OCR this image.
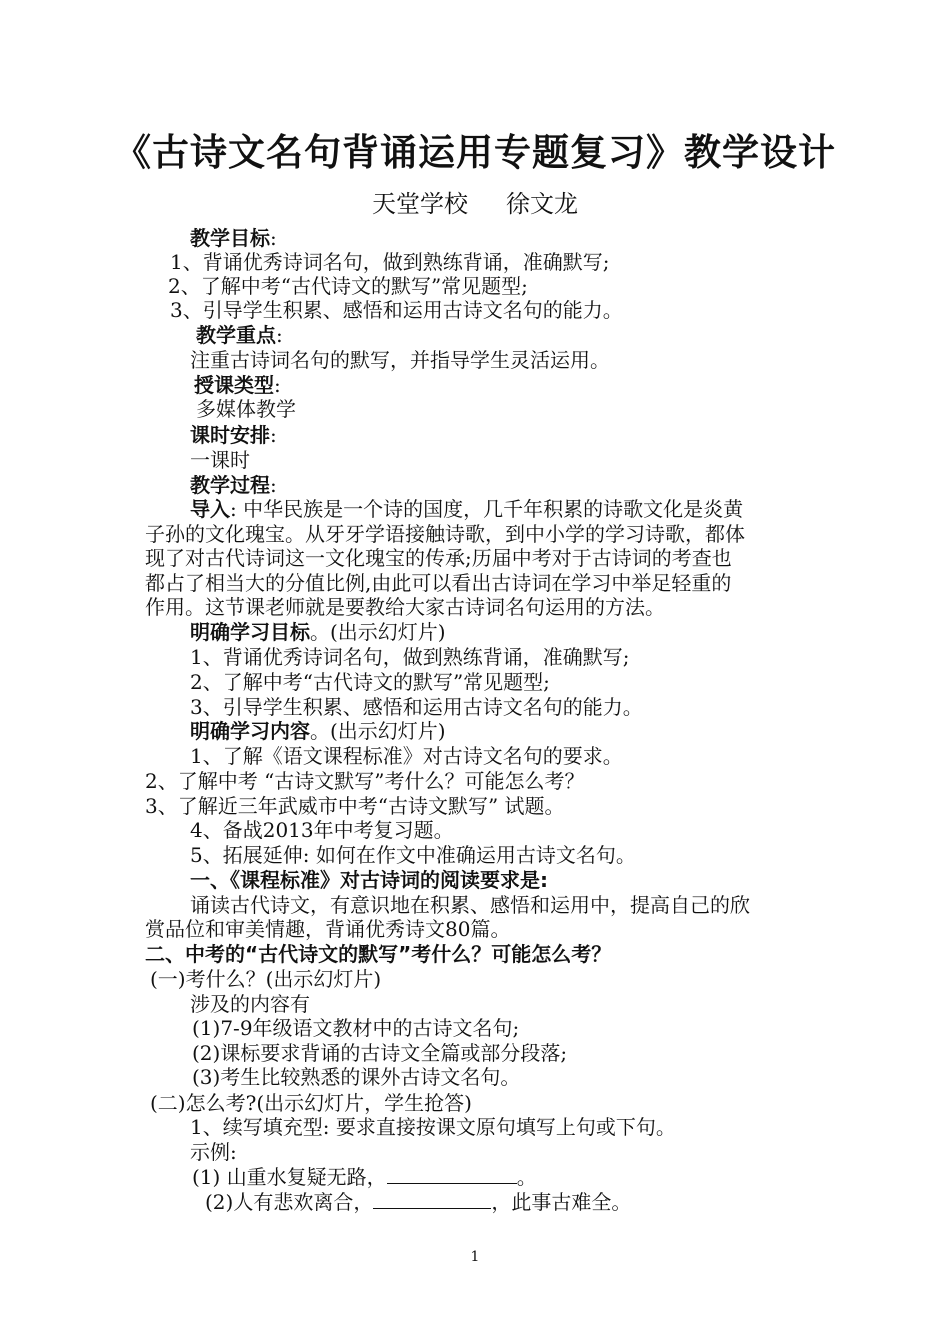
《古诗文名句背诵运用专题复习》教学设计
天堂学校 徐文龙
教学目标:
1、背诵优秀诗词名句，做到熟练背诵，准确默写;
2、了解中考“古代诗文的默写”常见题型;
3、引导学生积累、感悟和运用古诗文名句的能力。
教学重点:
注重古诗词名句的默写，并指导学生灵活运用。
授课类型:
多媒体教学
课时安排:
一课时
教学过程:
导入: 中华民族是一个诗的国度，几千年积累的诗歌文化是炎黄
子孙的文化瑰宝。从牙牙学语接触诗歌，到中小学的学习诗歌，都体
现了对古代诗词这一文化瑰宝的传承;历届中考对于古诗词的考查也
都占了相当大的分值比例,由此可以看出古诗词在学习中举足轻重的
作用。这节课老师就是要教给大家古诗词名句运用的方法。
明确学习目标。(出示幻灯片)
1、背诵优秀诗词名句，做到熟练背诵，准确默写;
2、了解中考“古代诗文的默写”常见题型;
3、引导学生积累、感悟和运用古诗文名句的能力。
明确学习内容。(出示幻灯片)
1、了解《语文课程标准》对古诗文名句的要求。
2、了解中考 “古诗文默写”考什么？可能怎么考？
3、了解近三年武威市中考“古诗文默写” 试题。
4、备战2013年中考复习题。
5、拓展延伸: 如何在作文中准确运用古诗文名句。
一、《课程标准》对古诗词的阅读要求是:
诵读古代诗文，有意识地在积累、感悟和运用中，提高自己的欣
赏品位和审美情趣，背诵优秀诗文80篇。
二、中考的“古代诗文的默写”考什么？可能怎么考？
(一)考什么？(出示幻灯片)
涉及的内容有
(1)7-9年级语文教材中的古诗文名句;
(2)课标要求背诵的古诗文全篇或部分段落;
(3)考生比较熟悉的课外古诗文名句。
(二)怎么考?(出示幻灯片，学生抢答)
1、续写填充型: 要求直接按课文原句填写上句或下句。
示例:
(1) 山重水复疑无路，	。
(2)人有悲欢离合，	，此事古难全。
1
